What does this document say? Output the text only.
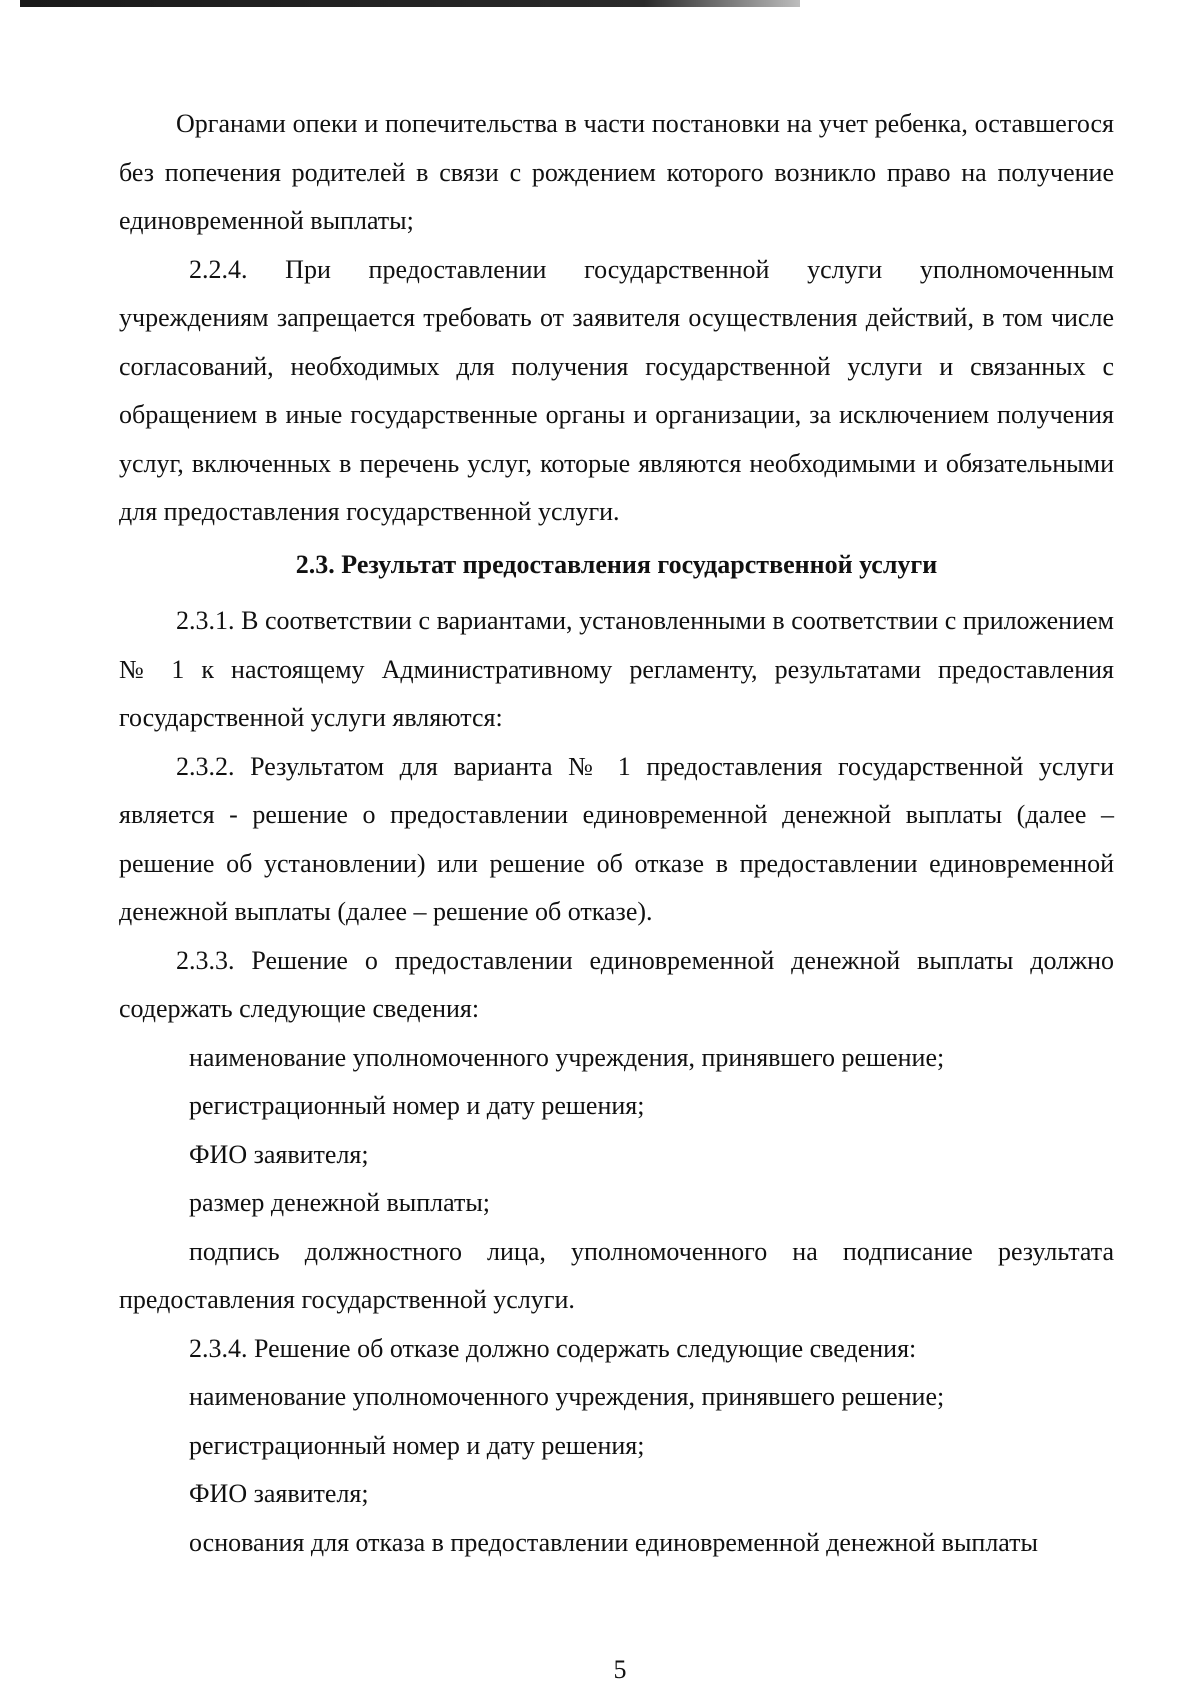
Органами опеки и попечительства в части постановки на учет ребенка, оставшегося без попечения родителей в связи с рождением которого возникло право на получение единовременной выплаты;

2.2.4. При предоставлении государственной услуги уполномоченным учреждениям запрещается требовать от заявителя осуществления действий, в том числе согласований, необходимых для получения государственной услуги и связанных с обращением в иные государственные органы и организации, за исключением получения услуг, включенных в перечень услуг, которые являются необходимыми и обязательными для предоставления государственной услуги.

2.3. Результат предоставления государственной услуги

2.3.1. В соответствии с вариантами, установленными в соответствии с приложением № 1 к настоящему Административному регламенту, результатами предоставления государственной услуги являются:

2.3.2. Результатом для варианта № 1 предоставления государственной услуги является - решение о предоставлении единовременной денежной выплаты (далее – решение об установлении) или решение об отказе в предоставлении единовременной денежной выплаты (далее – решение об отказе).

2.3.3. Решение о предоставлении единовременной денежной выплаты должно содержать следующие сведения:

наименование уполномоченного учреждения, принявшего решение;

регистрационный номер и дату решения;

ФИО заявителя;

размер денежной выплаты;

подпись должностного лица, уполномоченного на подписание результата предоставления государственной услуги.

2.3.4. Решение об отказе должно содержать следующие сведения:

наименование уполномоченного учреждения, принявшего решение;

регистрационный номер и дату решения;

ФИО заявителя;

основания для отказа в предоставлении единовременной денежной выплаты

5
